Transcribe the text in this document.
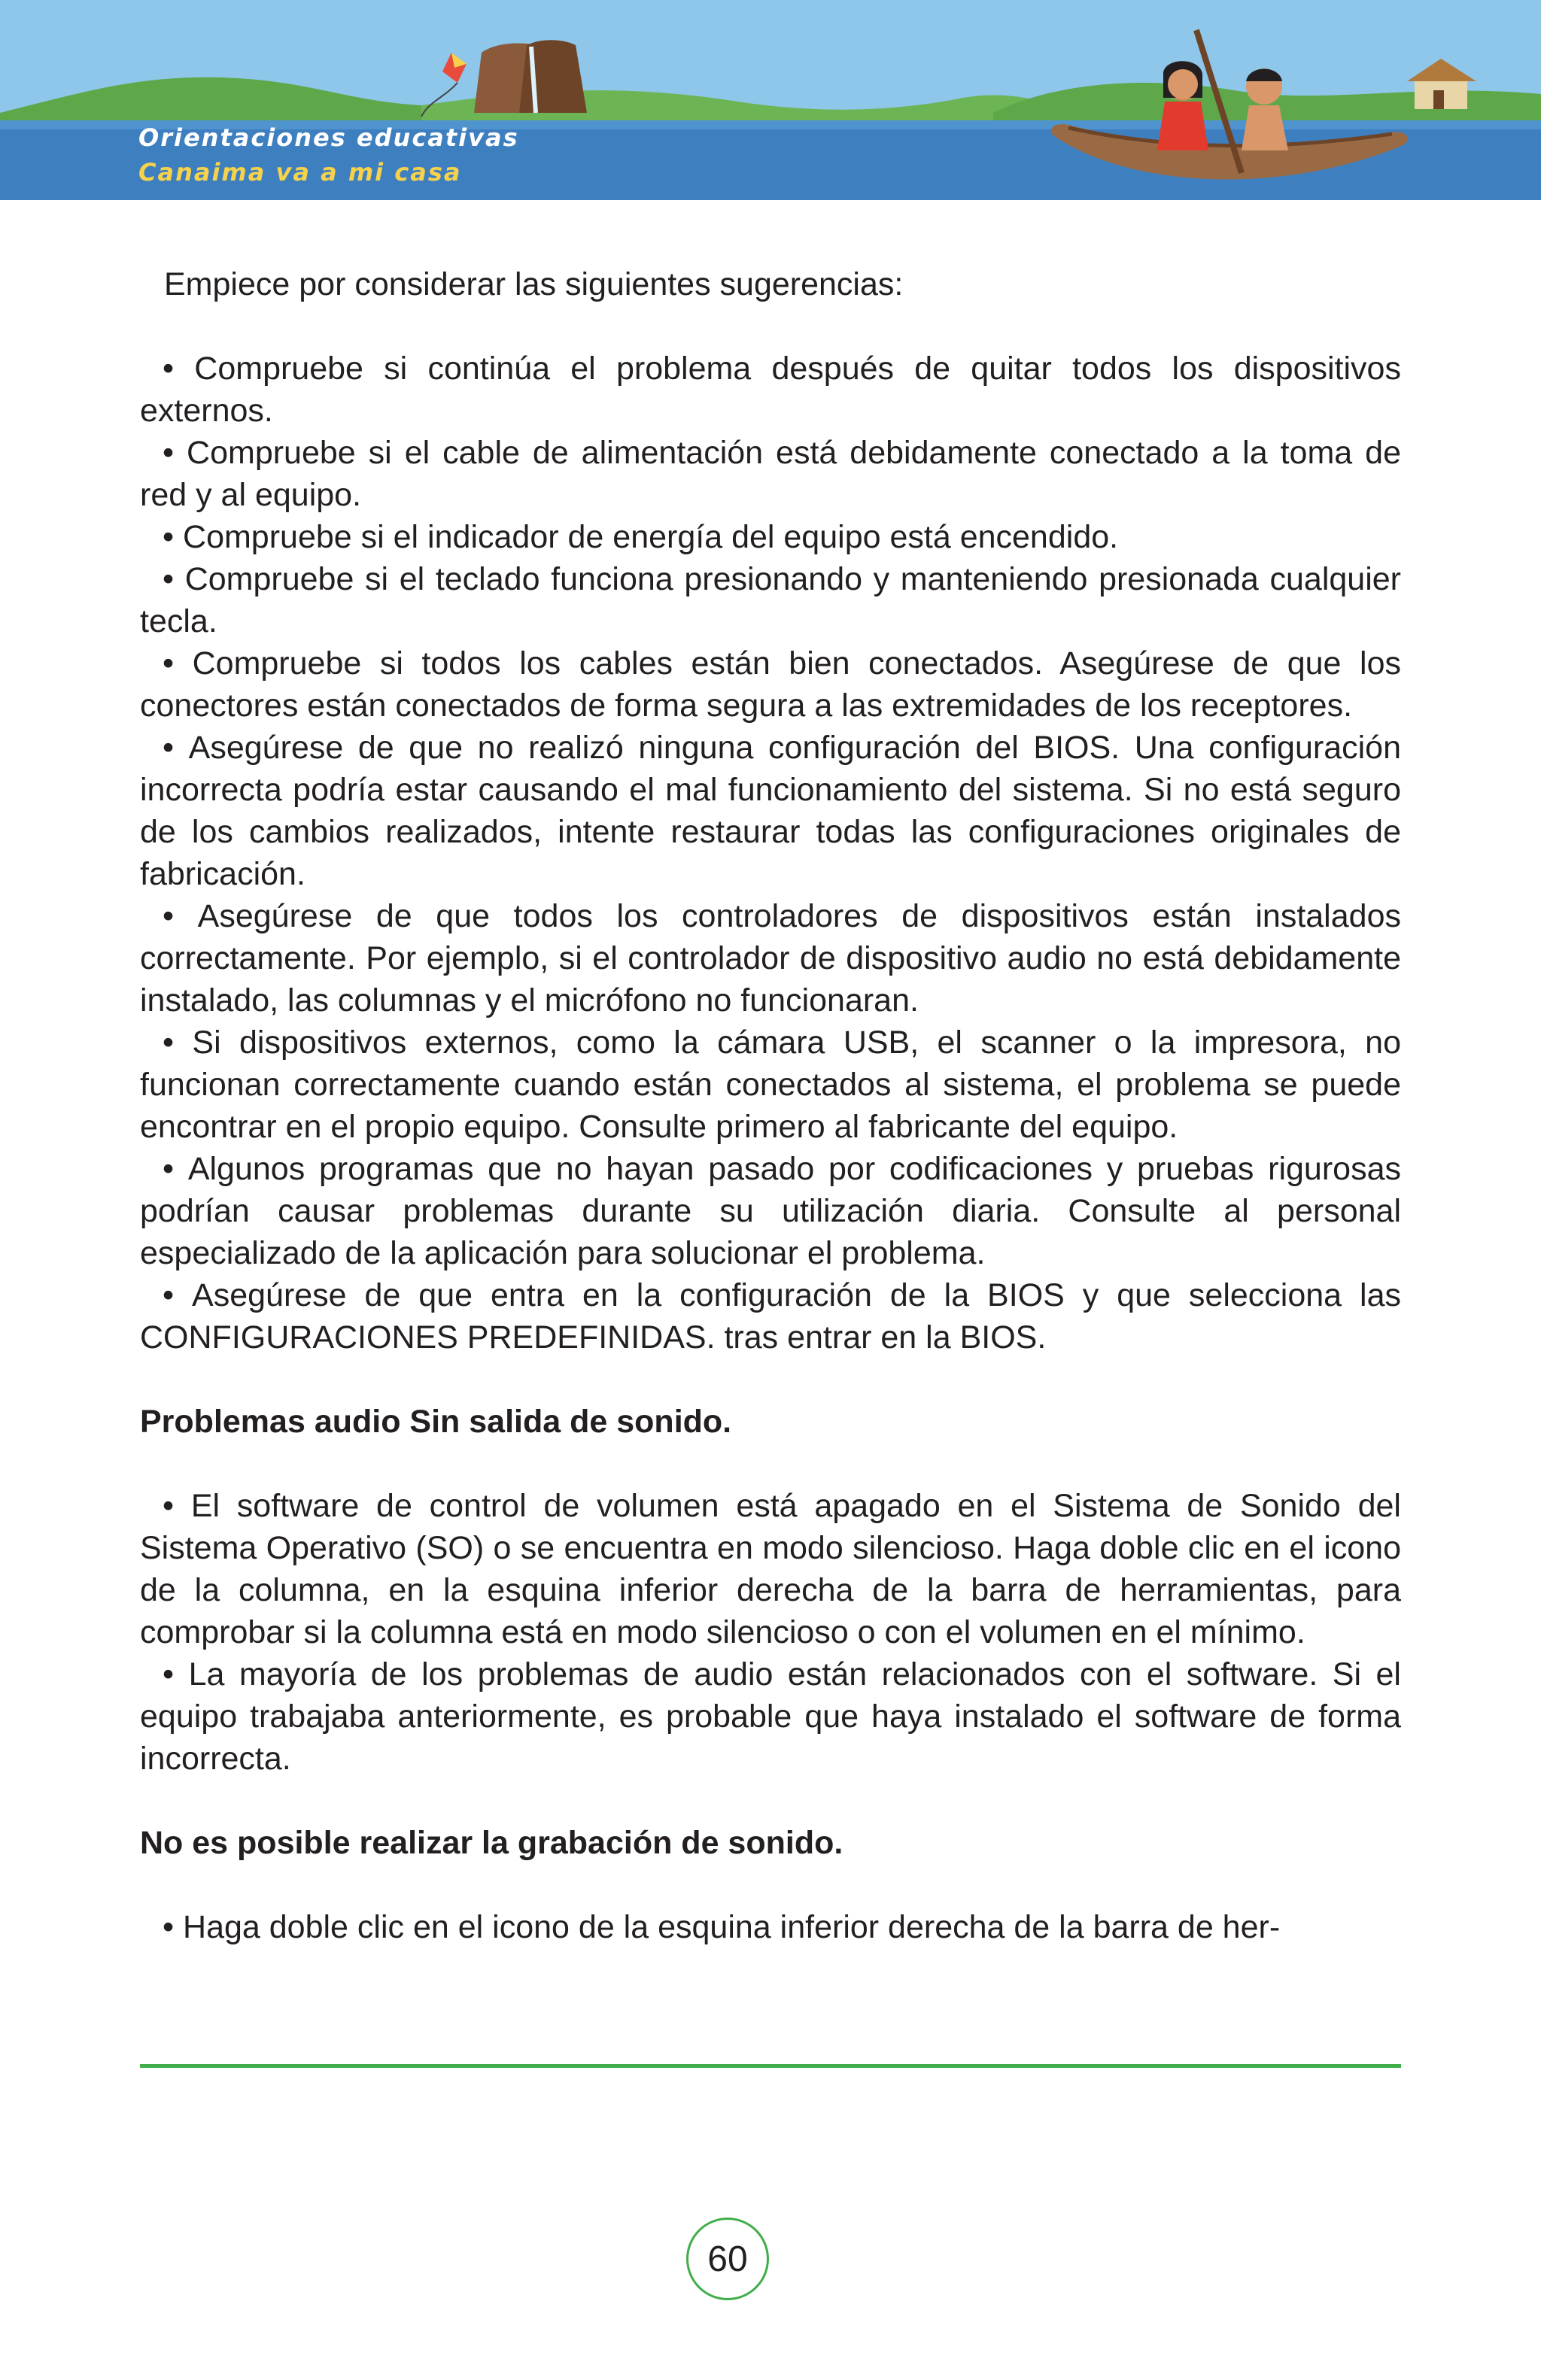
Orientaciones educativas

Canaima va a mi casa

Empiece por considerar las siguientes sugerencias:

• Compruebe si continúa el problema después de quitar todos los dispositivos externos.

• Compruebe si el cable de alimentación está debidamente conectado a la toma de red y al equipo.

• Compruebe si el indicador de energía del equipo está encendido.

• Compruebe si el teclado funciona presionando y manteniendo presionada cualquier tecla.

• Compruebe si todos los cables están bien conectados. Asegúrese de que los conectores están conectados de forma segura a las extremidades de los receptores.

• Asegúrese de que no realizó ninguna configuración del BIOS. Una configuración incorrecta podría estar causando el mal funcionamiento del sistema. Si no está seguro de los cambios realizados, intente restaurar todas las configuraciones originales de fabricación.

• Asegúrese de que todos los controladores de dispositivos están instalados correctamente. Por ejemplo, si el controlador de dispositivo audio no está debidamente instalado, las columnas y el micrófono no funcionaran.

• Si dispositivos externos, como la cámara USB, el scanner o la impresora, no funcionan correctamente cuando están conectados al sistema, el problema se puede encontrar en el propio equipo. Consulte primero al fabricante del equipo.

• Algunos programas que no hayan pasado por codificaciones y pruebas rigurosas podrían causar problemas durante su utilización diaria. Consulte al personal especializado de la aplicación para solucionar el problema.

• Asegúrese de que entra en la configuración de la BIOS y que selecciona las CONFIGURACIONES PREDEFINIDAS. tras entrar en la BIOS.

Problemas audio Sin salida de sonido.

• El software de control de volumen está apagado en el Sistema de Sonido del Sistema Operativo (SO) o se encuentra en modo silencioso. Haga doble clic en el icono de la columna, en la esquina inferior derecha de la barra de herramientas, para comprobar si la columna está en modo silencioso o con el volumen en el mínimo.

• La mayoría de los problemas de audio están relacionados con el software. Si el equipo trabajaba anteriormente, es probable que haya instalado el software de forma incorrecta.

No es posible realizar la grabación de sonido.

• Haga doble clic en el icono de la esquina inferior derecha de la barra de her-

60
